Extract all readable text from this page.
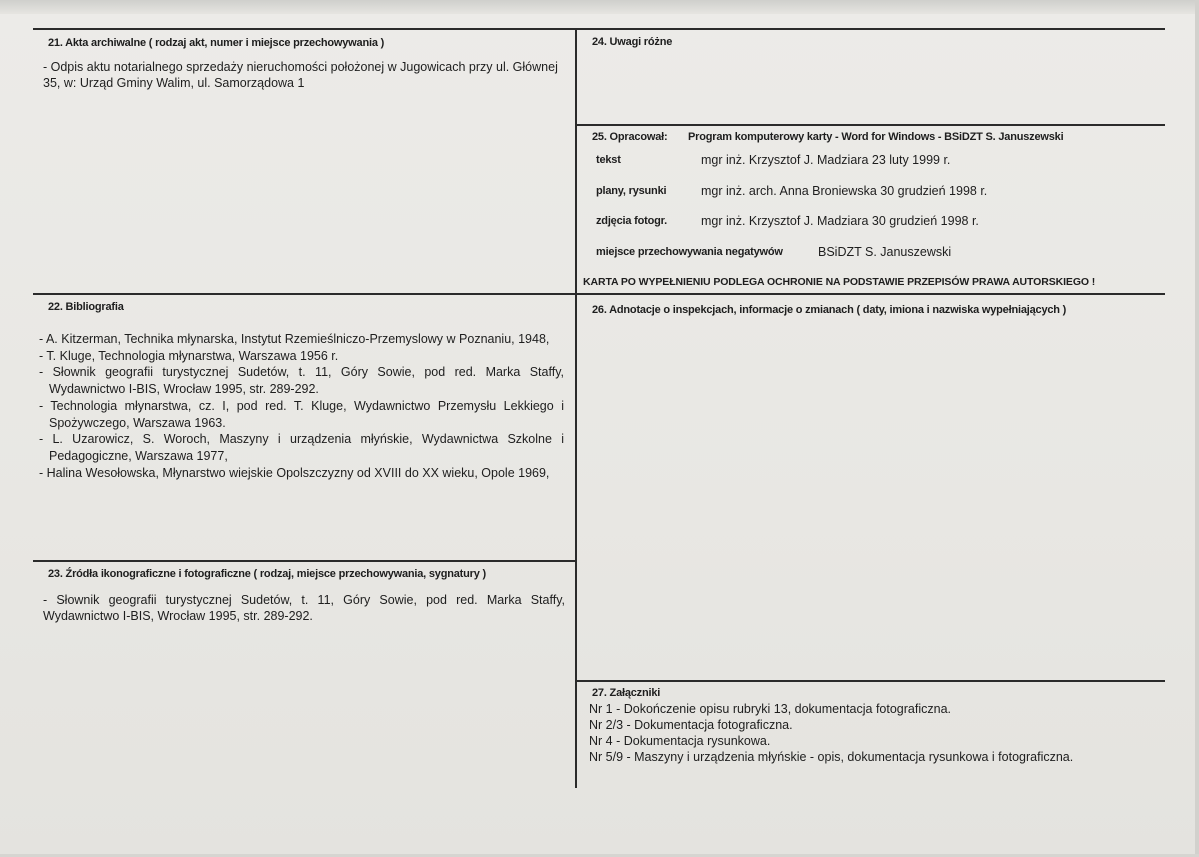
21. Akta archiwalne ( rodzaj akt, numer i miejsce przechowywania )
- Odpis aktu notarialnego sprzedaży nieruchomości położonej w Jugowicach przy ul. Głównej 35, w: Urząd Gminy Walim, ul. Samorządowa 1
24. Uwagi różne
25. Opracował: Program komputerowy karty - Word for Windows - BSiDZT S. Januszewski
tekst	mgr inż. Krzysztof J. Madziara 23 luty 1999 r.
plany, rysunki	mgr inż. arch. Anna Broniewska 30 grudzień 1998 r.
zdjęcia fotogr.	mgr inż. Krzysztof J. Madziara 30 grudzień 1998 r.
miejsce przechowywania negatywów	BSiDZT S. Januszewski
KARTA PO WYPEŁNIENIU PODLEGA OCHRONIE NA PODSTAWIE PRZEPISÓW PRAWA AUTORSKIEGO !
22. Bibliografia
- A. Kitzerman, Technika młynarska, Instytut Rzemieślniczo-Przemyslowy w Poznaniu, 1948,
- T. Kluge, Technologia młynarstwa, Warszawa 1956 r.
- Słownik geografii turystycznej Sudetów, t. 11, Góry Sowie, pod red. Marka Staffy, Wydawnictwo I-BIS, Wrocław 1995, str. 289-292.
- Technologia młynarstwa, cz. I, pod red. T. Kluge, Wydawnictwo Przemysłu Lekkiego i Spożywczego, Warszawa 1963.
- L. Uzarowicz, S. Woroch, Maszyny i urządzenia młyńskie, Wydawnictwa Szkolne i Pedagogiczne, Warszawa 1977,
- Halina Wesołowska, Młynarstwo wiejskie Opolszczyzny od XVIII do XX wieku, Opole 1969,
26. Adnotacje o inspekcjach, informacje o zmianach ( daty, imiona i nazwiska wypełniających )
23. Źródła ikonograficzne i fotograficzne ( rodzaj, miejsce przechowywania, sygnatury )
- Słownik geografii turystycznej Sudetów, t. 11, Góry Sowie, pod red. Marka Staffy, Wydawnictwo I-BIS, Wrocław 1995, str. 289-292.
27. Załączniki
Nr 1 - Dokończenie opisu rubryki 13, dokumentacja fotograficzna.
Nr 2/3 - Dokumentacja fotograficzna.
Nr 4 - Dokumentacja rysunkowa.
Nr 5/9 - Maszyny i urządzenia młyńskie - opis, dokumentacja rysunkowa i fotograficzna.
